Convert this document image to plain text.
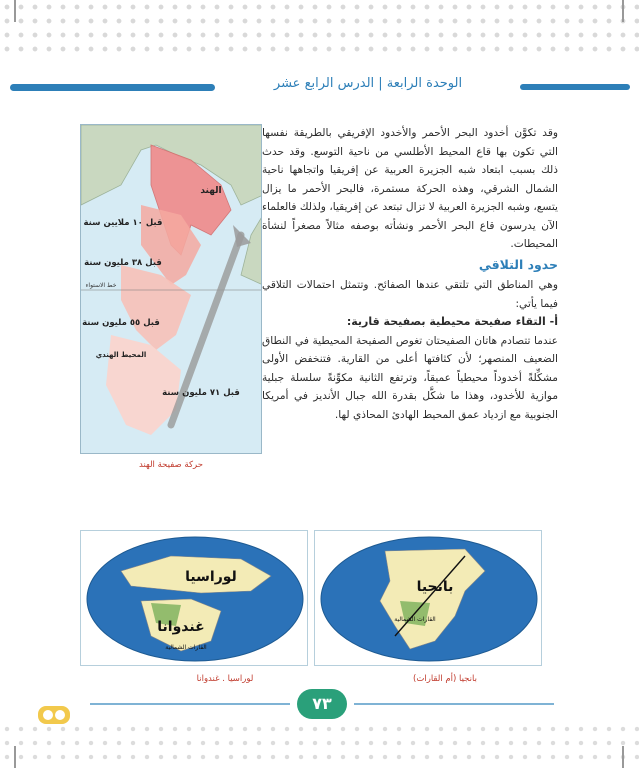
الوحدة الرابعة | الدرس الرابع عشر

وقد تكوَّن أخدود البحر الأحمر والأخدود الإفريقي بالطريقة نفسها التي تكون بها قاع المحيط الأطلسي من ناحية التوسع. وقد حدث ذلك بسبب ابتعاد شبه الجزيرة العربية عن إفريقيا واتجاهها ناحية الشمال الشرقي، وهذه الحركة مستمرة، فالبحر الأحمر ما يزال يتسع، وشبه الجزيرة العربية لا تزال تبتعد عن إفريقيا، ولذلك فالعلماء الآن يدرسون قاع البحر الأحمر ونشأته بوصفه مثالاً مصغراً لنشأة المحيطات.

حدود التلاقي

وهي المناطق التي تلتقي عندها الصفائح. وتتمثل احتمالات التلاقي فيما يأتي:

أ- التقاء صفيحة محيطية بصفيحة قارية:

عندما تتصادم هاتان الصفيحتان تغوص الصفيحة المحيطية في النطاق الضعيف المنصهر؛ لأن كثافتها أعلى من القارية. فتنخفض الأولى مشكِّلةً أخدوداً محيطياً عميقاً، وترتفع الثانية مكوِّنةً سلسلة جبلية موازية للأخدود، وهذا ما شكَّل بقدرة الله جبال الأنديز في أمريكا الجنوبية مع ازدياد عمق المحيط الهادئ المحاذي لها.

الهند
قبل ١٠ ملايين سنة
قبل ٣٨ مليون سنة
خط الاستواء
قبل ٥٥ مليون سنة
المحيط الهندي
قبل ٧١ مليون سنة
حركة صفيحة الهند
لوراسيا
غندوانا
القارات الشمالية
لوراسيا . غندوانا
بانجيا
القارات الشمالية
بانجيا (أم القارات)
٧٣
